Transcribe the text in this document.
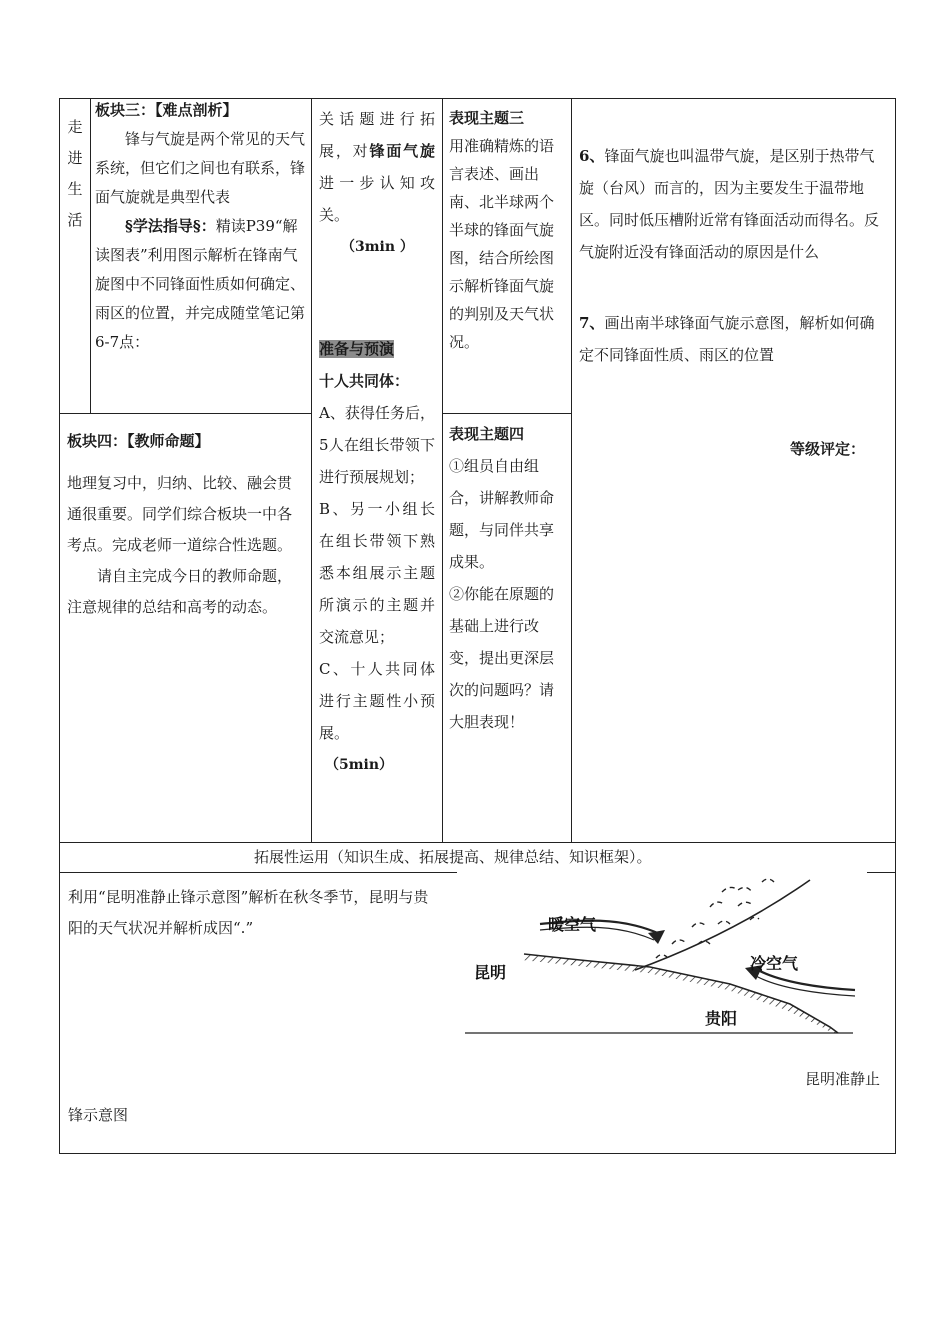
走
进
生
活

板块三：【难点剖析】

锋与气旋是两个常见的天气系统，但它们之间也有联系，锋面气旋就是典型代表

§学法指导§：精读P39“解读图表”利用图示解析在锋南气旋图中不同锋面性质如何确定、雨区的位置，并完成随堂笔记第6-7点：

板块四：【教师命题】

地理复习中，归纳、比较、融会贯通很重要。同学们综合板块一中各考点。完成老师一道综合性选题。

请自主完成今日的教师命题，注意规律的总结和高考的动态。

关话题进行拓展，对锋面气旋进一步认知攻关。

（3min ）

准备与预演

十人共同体：

A、获得任务后，5人在组长带领下进行预展规划；

B、另一小组长在组长带领下熟悉本组展示主题所演示的主题并交流意见；

C、十人共同体进行主题性小预展。

（5min）

表现主题三

用准确精炼的语言表述、画出南、北半球两个半球的锋面气旋图，结合所绘图示解析锋面气旋的判别及天气状况。

表现主题四

①组员自由组合，讲解教师命题，与同伴共享成果。

②你能在原题的基础上进行改变，提出更深层次的问题吗？请大胆表现！

6、锋面气旋也叫温带气旋，是区别于热带气旋（台风）而言的，因为主要发生于温带地区。同时低压槽附近常有锋面活动而得名。反气旋附近没有锋面活动的原因是什么

7、画出南半球锋面气旋示意图，解析如何确定不同锋面性质、雨区的位置

等级评定：
拓展性运用（知识生成、拓展提高、规律总结、知识框架）。
利用“昆明准静止锋示意图”解析在秋冬季节，昆明与贵阳的天气状况并解析成因“.”
昆明准静止
锋示意图
暖空气
冷空气
昆明
贵阳
